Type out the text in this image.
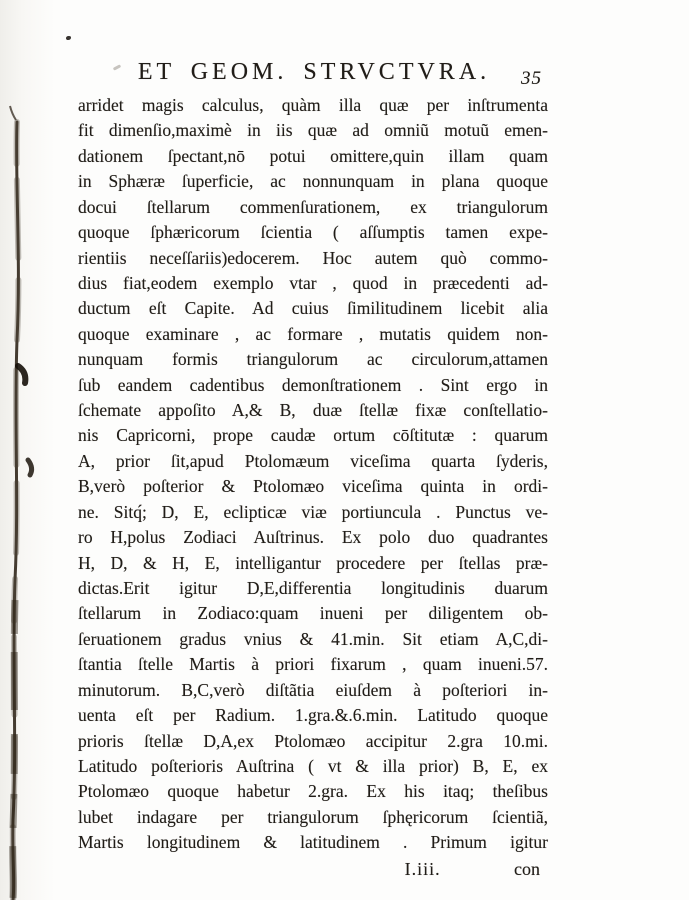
ET GEOM. STRVCTVRA.	35
arridet magis calculus, quàm illa quæ per inſtrumenta
fit dimenſio,maximè in iis quæ ad omniũ motuũ emen-
dationem ſpectant,nō potui omittere,quin illam quam
in Sphæræ ſuperficie, ac nonnunquam in plana quoque
docui ſtellarum commenſurationem, ex triangulorum
quoque ſphæricorum ſcientia ( aſſumptis tamen expe-
rientiis neceſſariis)edocerem. Hoc autem quò commo-
dius fiat,eodem exemplo vtar , quod in præcedenti ad-
ductum eſt Capite. Ad cuius ſimilitudinem licebit alia
quoque examinare , ac formare , mutatis quidem non-
nunquam formis triangulorum ac circulorum,attamen
ſub eandem cadentibus demonſtrationem . Sint ergo in
ſchemate appoſito A,& B, duæ ſtellæ fixæ conſtellatio-
nis Capricorni, prope caudæ ortum cōſtitutæ : quarum
A, prior ſit,apud Ptolomæum viceſima quarta ſyderis,
B,verò poſterior & Ptolomæo viceſima quinta in ordi-
ne. Sitq́; D, E, eclipticæ viæ portiuncula . Punctus ve-
ro H,polus Zodiaci Auſtrinus. Ex polo duo quadrantes
H, D, & H, E, intelligantur procedere per ſtellas præ-
dictas.Erit igitur D,E,differentia longitudinis duarum
ſtellarum in Zodiaco:quam inueni per diligentem ob-
ſeruationem gradus vnius & 41.min. Sit etiam A,C,di-
ſtantia ſtelle Martis à priori fixarum , quam inueni.57.
minutorum. B,C,verò diſtãtia eiuſdem à poſteriori in-
uenta eſt per Radium. 1.gra.&.6.min. Latitudo quoque
prioris ſtellæ D,A,ex Ptolomæo accipitur 2.gra 10.mi.
Latitudo poſterioris Auſtrina ( vt & illa prior) B, E, ex
Ptolomæo quoque habetur 2.gra. Ex his itaq; theſibus
lubet indagare per triangulorum ſphęricorum ſcientiã,
Martis longitudinem & latitudinem . Primum igitur
I.iii.	con
